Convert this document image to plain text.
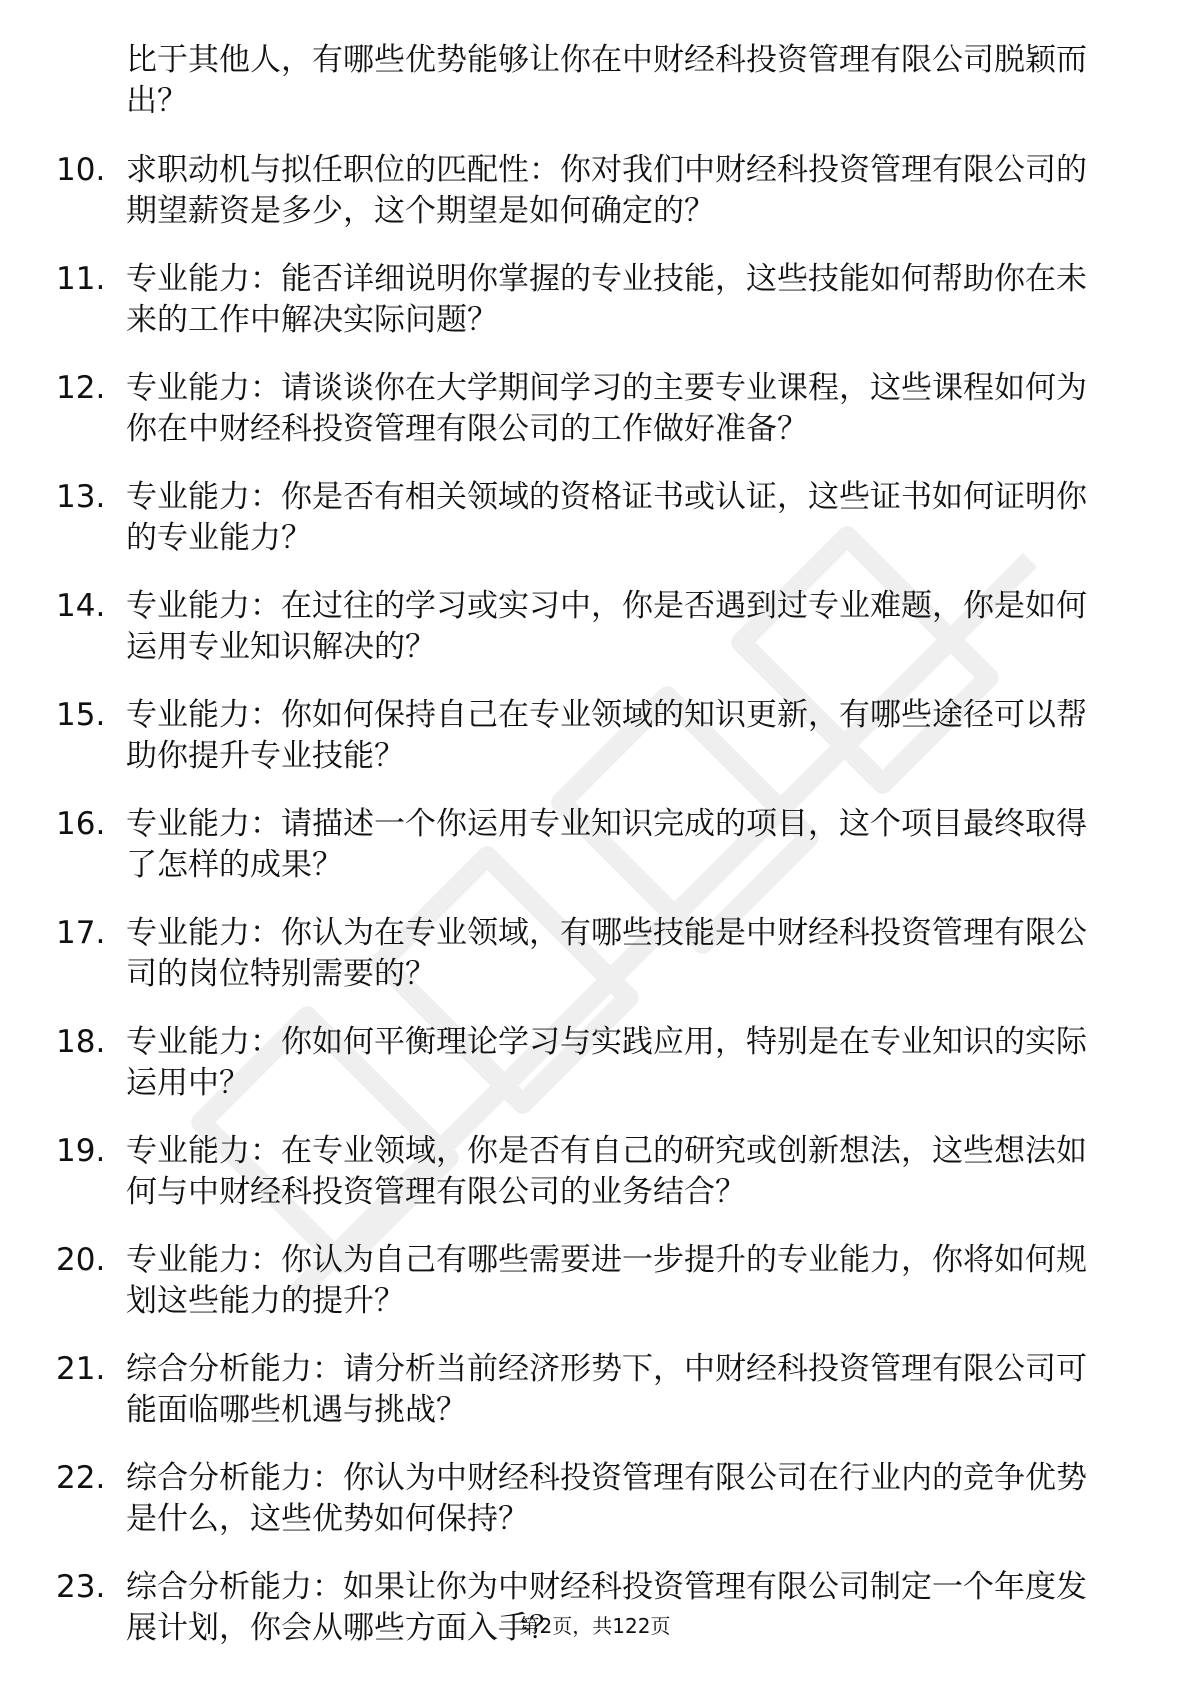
比于其他人，有哪些优势能够让你在中财经科投资管理有限公司脱颖而出？
10. 求职动机与拟任职位的匹配性：你对我们中财经科投资管理有限公司的期望薪资是多少，这个期望是如何确定的？
11. 专业能力：能否详细说明你掌握的专业技能，这些技能如何帮助你在未来的工作中解决实际问题？
12. 专业能力：请谈谈你在大学期间学习的主要专业课程，这些课程如何为你在中财经科投资管理有限公司的工作做好准备？
13. 专业能力：你是否有相关领域的资格证书或认证，这些证书如何证明你的专业能力？
14. 专业能力：在过往的学习或实习中，你是否遇到过专业难题，你是如何运用专业知识解决的？
15. 专业能力：你如何保持自己在专业领域的知识更新，有哪些途径可以帮助你提升专业技能？
16. 专业能力：请描述一个你运用专业知识完成的项目，这个项目最终取得了怎样的成果？
17. 专业能力：你认为在专业领域，有哪些技能是中财经科投资管理有限公司的岗位特别需要的？
18. 专业能力：你如何平衡理论学习与实践应用，特别是在专业知识的实际运用中？
19. 专业能力：在专业领域，你是否有自己的研究或创新想法，这些想法如何与中财经科投资管理有限公司的业务结合？
20. 专业能力：你认为自己有哪些需要进一步提升的专业能力，你将如何规划这些能力的提升？
21. 综合分析能力：请分析当前经济形势下，中财经科投资管理有限公司可能面临哪些机遇与挑战？
22. 综合分析能力：你认为中财经科投资管理有限公司在行业内的竞争优势是什么，这些优势如何保持？
23. 综合分析能力：如果让你为中财经科投资管理有限公司制定一个年度发展计划，你会从哪些方面入手？
第2页，共122页
